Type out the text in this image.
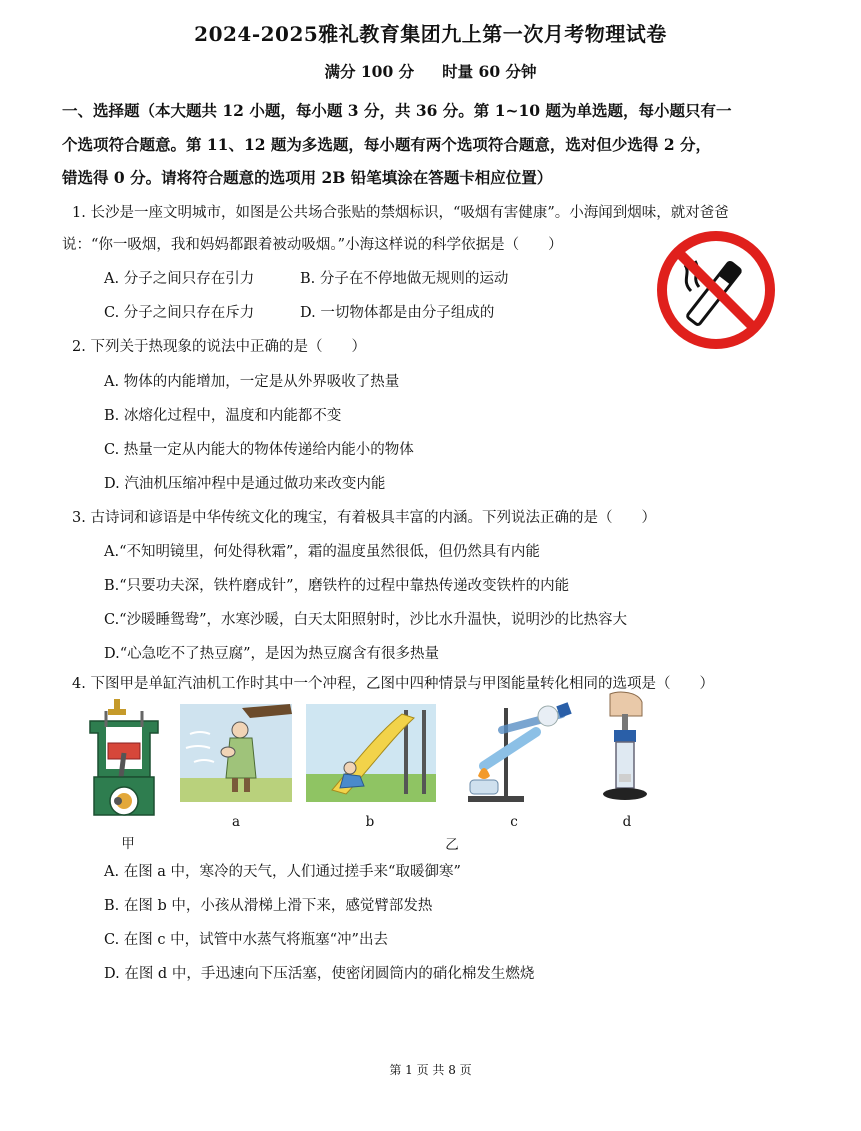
2024-2025雅礼教育集团九上第一次月考物理试卷
满分 100 分 时量 60 分钟
一、选择题（本大题共 12 小题，每小题 3 分，共 36 分。第 1~10 题为单选题，每小题只有一
个选项符合题意。第 11、12 题为多选题，每小题有两个选项符合题意，选对但少选得 2 分，
错选得 0 分。请将符合题意的选项用 2B 铅笔填涂在答题卡相应位置）
1. 长沙是一座文明城市，如图是公共场合张贴的禁烟标识，“吸烟有害健康”。小海闻到烟味，就对爸爸
说：“你一吸烟，我和妈妈都跟着被动吸烟。”小海这样说的科学依据是（　　）
A. 分子之间只存在引力	B. 分子在不停地做无规则的运动
C. 分子之间只存在斥力	D. 一切物体都是由分子组成的
2. 下列关于热现象的说法中正确的是（　　）
A. 物体的内能增加，一定是从外界吸收了热量
B. 冰熔化过程中，温度和内能都不变
C. 热量一定从内能大的物体传递给内能小的物体
D. 汽油机压缩冲程中是通过做功来改变内能
3. 古诗词和谚语是中华传统文化的瑰宝，有着极具丰富的内涵。下列说法正确的是（　　）
A.“不知明镜里，何处得秋霜”，霜的温度虽然很低，但仍然具有内能
B.“只要功夫深，铁杵磨成针”，磨铁杵的过程中靠热传递改变铁杵的内能
C.“沙暖睡鸳鸯”，水寒沙暖，白天太阳照射时，沙比水升温快，说明沙的比热容大
D.“心急吃不了热豆腐”，是因为热豆腐含有很多热量
4. 下图甲是单缸汽油机工作时其中一个冲程，乙图中四种情景与甲图能量转化相同的选项是（　　）
甲
a	b	c	d
乙
A. 在图 a 中，寒冷的天气，人们通过搓手来“取暖御寒”
B. 在图 b 中，小孩从滑梯上滑下来，感觉臂部发热
C. 在图 c 中，试管中水蒸气将瓶塞“冲”出去
D. 在图 d 中，手迅速向下压活塞，使密闭圆筒内的硝化棉发生燃烧
第 1 页 共 8 页
